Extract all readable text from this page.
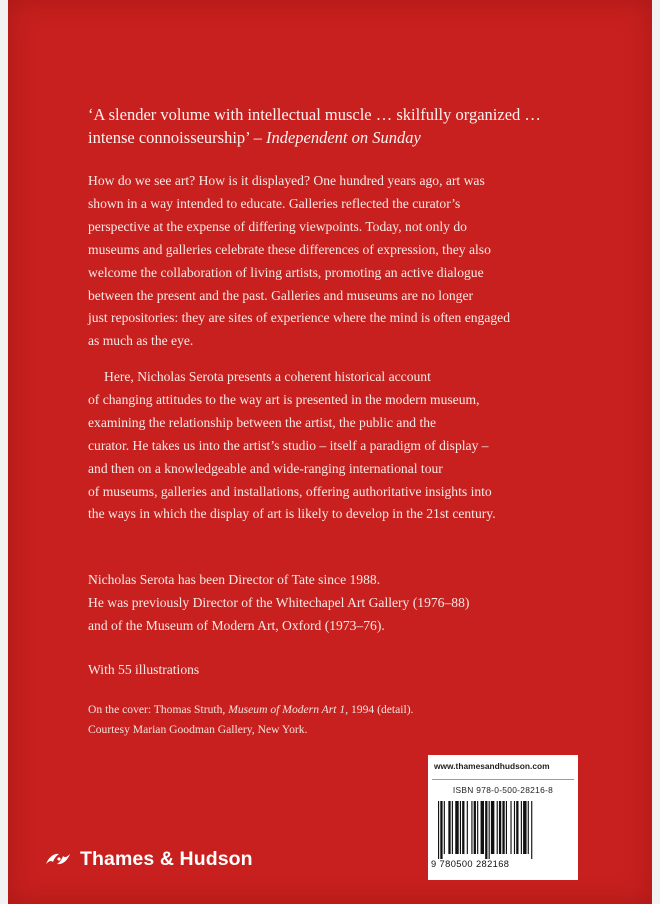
‘A slender volume with intellectual muscle … skilfully organized …
intense connoisseurship’ – Independent on Sunday
How do we see art? How is it displayed? One hundred years ago, art was
shown in a way intended to educate. Galleries reflected the curator’s
perspective at the expense of differing viewpoints. Today, not only do
museums and galleries celebrate these differences of expression, they also
welcome the collaboration of living artists, promoting an active dialogue
between the present and the past. Galleries and museums are no longer
just repositories: they are sites of experience where the mind is often engaged
as much as the eye.
Here, Nicholas Serota presents a coherent historical account
of changing attitudes to the way art is presented in the modern museum,
examining the relationship between the artist, the public and the
curator. He takes us into the artist’s studio – itself a paradigm of display –
and then on a knowledgeable and wide-ranging international tour
of museums, galleries and installations, offering authoritative insights into
the ways in which the display of art is likely to develop in the 21st century.
Nicholas Serota has been Director of Tate since 1988.
He was previously Director of the Whitechapel Art Gallery (1976–88)
and of the Museum of Modern Art, Oxford (1973–76).
With 55 illustrations
On the cover: Thomas Struth, Museum of Modern Art 1, 1994 (detail).
Courtesy Marian Goodman Gallery, New York.
Thames & Hudson
www.thamesandhudson.com
ISBN 978-0-500-28216-8
9 780500 282168
